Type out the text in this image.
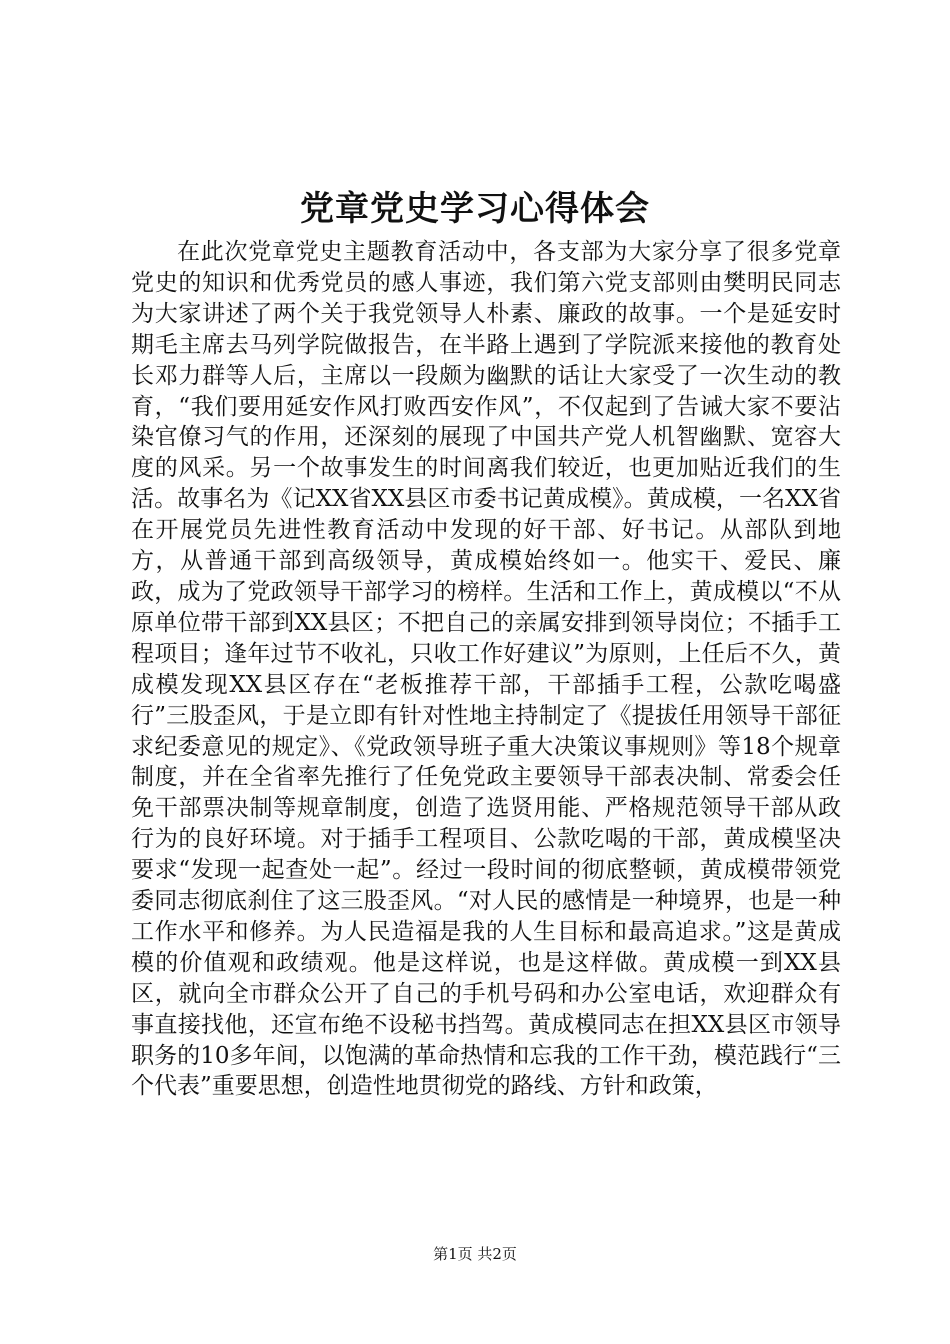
党章党史学习心得体会

在此次党章党史主题教育活动中，各支部为大家分享了很多党章党史的知识和优秀党员的感人事迹，我们第六党支部则由樊明民同志为大家讲述了两个关于我党领导人朴素、廉政的故事。一个是延安时期毛主席去马列学院做报告，在半路上遇到了学院派来接他的教育处长邓力群等人后，主席以一段颇为幽默的话让大家受了一次生动的教育，“我们要用延安作风打败西安作风”，不仅起到了告诫大家不要沾染官僚习气的作用，还深刻的展现了中国共产党人机智幽默、宽容大度的风采。另一个故事发生的时间离我们较近，也更加贴近我们的生活。故事名为《记XX省XX县区市委书记黄成模》。黄成模，一名XX省在开展党员先进性教育活动中发现的好干部、好书记。从部队到地方，从普通干部到高级领导，黄成模始终如一。他实干、爱民、廉政，成为了党政领导干部学习的榜样。生活和工作上，黄成模以“不从原单位带干部到XX县区；不把自己的亲属安排到领导岗位；不插手工程项目；逢年过节不收礼，只收工作好建议”为原则，上任后不久，黄成模发现XX县区存在“老板推荐干部，干部插手工程，公款吃喝盛行”三股歪风，于是立即有针对性地主持制定了《提拔任用领导干部征求纪委意见的规定》、《党政领导班子重大决策议事规则》等18个规章制度，并在全省率先推行了任免党政主要领导干部表决制、常委会任免干部票决制等规章制度，创造了选贤用能、严格规范领导干部从政行为的良好环境。对于插手工程项目、公款吃喝的干部，黄成模坚决要求“发现一起查处一起”。经过一段时间的彻底整顿，黄成模带领党委同志彻底刹住了这三股歪风。“对人民的感情是一种境界，也是一种工作水平和修养。为人民造福是我的人生目标和最高追求。”这是黄成模的价值观和政绩观。他是这样说，也是这样做。黄成模一到XX县区，就向全市群众公开了自己的手机号码和办公室电话，欢迎群众有事直接找他，还宣布绝不设秘书挡驾。黄成模同志在担XX县区市领导职务的10多年间，以饱满的革命热情和忘我的工作干劲，模范践行“三个代表”重要思想，创造性地贯彻党的路线、方针和政策，

第1页 共2页
